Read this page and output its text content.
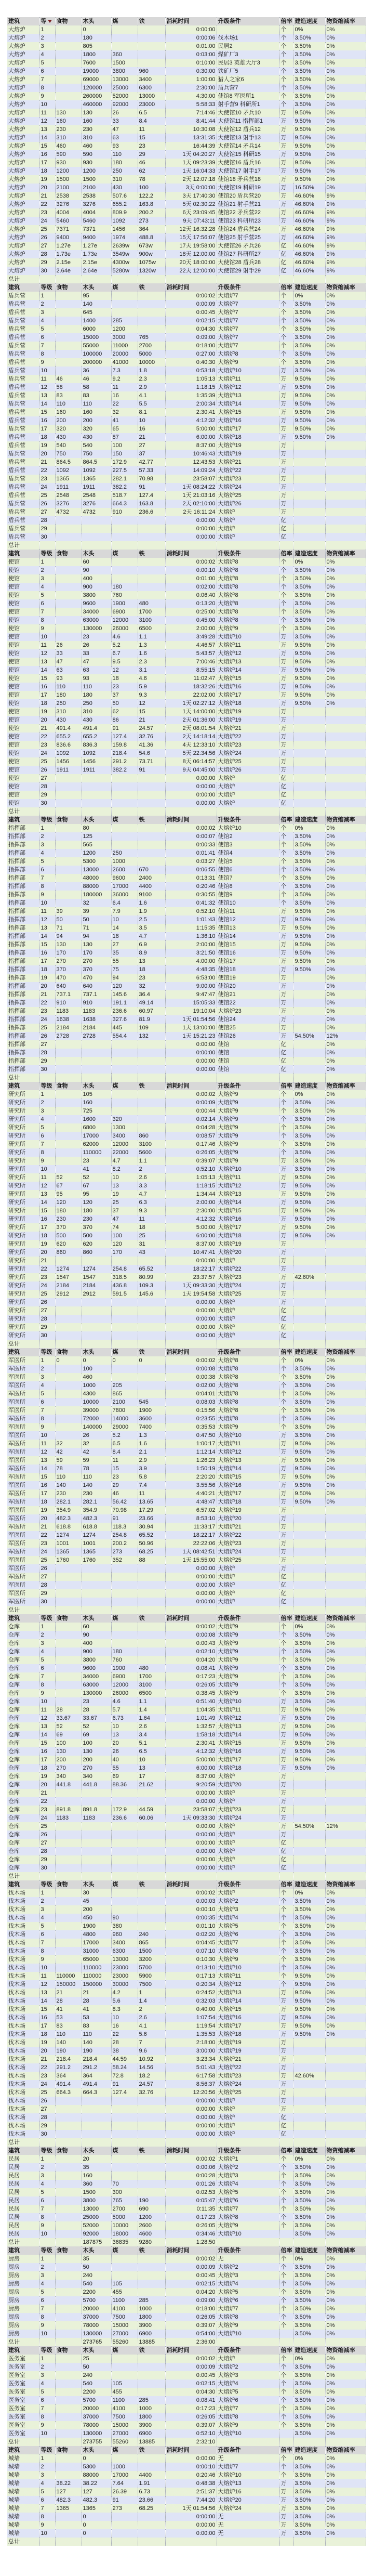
建筑	等	食物	木头	煤	铁	消耗时间	升级条件	倍率	建造速度	物资缩减率
大熔炉	1		0			0:00:00		个	0%	0%
大熔炉	2		180			0:00:06	伐木场1	个	3.50%	0%
大熔炉	3		805			0:01:00	民居2	个	3.50%	0%
大熔炉	4		1800	360		0:03:00	煤矿厂3	个	3.50%	0%
大熔炉	5		7600	1500		0:10:00	民居3 英雄大厅3	个	3.50%	0%
大熔炉	6		19000	3800	960	0:30:00	铁矿厂5	个	3.50%	0%
大熔炉	7		69000	13000	3400	1:00:00	猎人之家6	个	3.50%	0%
大熔炉	8		120000	25000	6300	2:30:00	盾兵营7	个	3.50%	0%
大熔炉	9		260000	52000	13000	4:30:00	使馆8 军医所1	个	3.50%	0%
大熔炉	10		460000	92000	23000	5:58:33	射手营9 科研所1	个	3.50%	0%
大熔炉	11	130	130	26	6.5	7:14:46	大使馆10 矛兵10	万	9.50%	0%
大熔炉	12	160	160	33	8.4	8:41:44	大使馆11 指挥部1	万	9.50%	0%
大熔炉	13	230	230	47	11	10:30:08	大使馆12 盾兵12	万	9.50%	0%
大熔炉	14	310	310	63	15	13:31:35	大使馆13 射手13	万	9.50%	0%
大熔炉	15	460	460	93	23	16:44:39	大使馆14 矛兵14	万	9.50%	0%
大熔炉	16	590	590	110	29	1天 04:20:27	大使馆15 科研15	万	9.50%	0%
大熔炉	17	930	930	180	46	1天 09:23:39	大使馆16 盾兵16	万	9.50%	0%
大熔炉	18	1200	1200	250	62	1天 16:04:33	大使馆17 射手17	万	9.50%	0%
大熔炉	19	1500	1500	310	78	2天 12:07:18	使馆18 矛兵营18	万	9.50%	0%
大熔炉	20	2100	2100	430	100	3天 0:00:00	大使馆19 科研19	万	16.50%	0%
大熔炉	21	2538	2538	507.6	122.2	3天 17:40:30	使馆20 盾兵营20	万	46.60%	9%
大熔炉	22	3276	3276	655.2	163.8	5天 02:30:22	使馆21 射手营21	万	46.60%	9%
大熔炉	23	4004	4004	809.9	200.2	6天 23:09:45	使馆22 矛兵营22	万	46.60%	9%
大熔炉	24	5460	5460	1092	273	9天 07:43:11	使馆23 科研所23	万	46.60%	9%
大熔炉	25	7371	7371	1456	364	12天 16:32:28	使馆24 盾兵营24	万	46.60%	9%
大熔炉	26	9400	9400	1974	488.8	15天 17:56:07	使馆25 射手营25	万	46.60%	9%
大熔炉	27	1.27e	1.27e	2639w	673w	17天 19:58:00	大使馆26 矛兵26	亿	46.60%	9%
大熔炉	28	1.73e	1.73e	3549w	900w	18天 12:00:00	使馆27 科研所27	亿	46.60%	9%
大熔炉	29	2.15e	2.15e	4300w	1075w	20天 18:00:00	大使馆28 盾兵28	亿	46.60%	9%
大熔炉	30	2.64e	2.64e	5280w	1320w	22天 12:00:00	大使馆29 射手29	亿	46.60%	9%
总计										
建筑	等级	食物	木头	煤	铁	消耗时间	升级条件	倍率	建造速度	物资缩减率
盾兵营	1		95			0:00:02	大熔炉7	个	0%	0%
盾兵营	2		140			0:00:09	大熔炉7	个	3.50%	0%
盾兵营	3		645			0:00:45	大熔炉7	个	3.50%	0%
盾兵营	4		1400	285		0:02:15	大熔炉7	个	3.50%	0%
盾兵营	5		6000	1200		0:04:30	大熔炉7	个	3.50%	0%
盾兵营	6		15000	3000	765	0:09:00	大熔炉7	个	3.50%	0%
盾兵营	7		55000	11000	2700	0:18:00	大熔炉7	个	3.50%	0%
盾兵营	8		100000	20000	5000	0:27:00	大熔炉8	个	3.50%	0%
盾兵营	9		200000	41000	10000	0:40:30	大熔炉9	个	3.50%	0%
盾兵营	10		36	7.3	1.8	0:53:18	大熔炉10	万	3.50%	0%
盾兵营	11	46	46	9.2	2.3	1:05:13	大熔炉11	万	9.50%	0%
盾兵营	12	58	58	11	2.9	1:18:15	大熔炉12	万	9.50%	0%
盾兵营	13	83	83	16	4.1	1:35:39	大熔炉13	万	9.50%	0%
盾兵营	14	110	110	22	5.5	2:00:34	大熔炉14	万	9.50%	0%
盾兵营	15	160	160	32	8.1	2:30:41	大熔炉15	万	9.50%	0%
盾兵营	16	200	200	41	10	4:12:32	大熔炉16	万	9.50%	0%
盾兵营	17	320	320	65	16	5:00:00	大熔炉17	万	9.50%	0%
盾兵营	18	430	430	87	21	6:00:00	大熔炉18	万	9.50%	0%
盾兵营	19	540	540	100	27	8:37:00	大熔炉19	万		
盾兵营	20	750	750	150	37	10:46:43	大熔炉19	万		
盾兵营	21	864.5	864.5	172.9	42.77	12:43:53	大熔炉21	万		
盾兵营	22	1092	1092	227.5	57.33	14:09:24	大熔炉22	万		
盾兵营	23	1365	1365	282.1	70.98	23:58:07	大熔炉23	万		
盾兵营	24	1911	1911	382.2	91	1天 08:24:22	大熔炉24	万		
盾兵营	25	2548	2548	518.7	127.4	1天 21:03:16	大熔炉25	万		
盾兵营	26	3276	3276	664.3	163.8	2天 02:10:00	大熔炉26	万		
盾兵营	27	4732	4732	910	236.6	2天 16:11:24	大熔炉	万		
盾兵营	28					0:00:00	大熔炉	亿		
盾兵营	29					0:00:00	大熔炉	亿		
盾兵营	30					0:00:00	大熔炉	亿		
总计										
建筑	等级	食物	木头	煤	铁	消耗时间	升级条件	倍率	建造速度	物资缩减率
使馆	1		60			0:00:02	大熔炉8	个	0%	0%
使馆	2		90			0:00:10	大熔炉8	个	3.50%	0%
使馆	3		400			0:01:00	大熔炉8	个	3.50%	0%
使馆	4		900	180		0:02:00	大熔炉8	个	3.50%	0%
使馆	5		3800	760		0:06:40	大熔炉8	个	3.50%	0%
使馆	6		9600	1900	480	0:13:20	大熔炉8	个	3.50%	0%
使馆	7		34000	6900	1700	0:25:00	大熔炉8	个	3.50%	0%
使馆	8		63000	12000	3100	0:45:00	大熔炉8	个	3.50%	0%
使馆	9		130000	26000	6500	2:00:00	大熔炉9	个	3.50%	0%
使馆	10		23	4.6	1.1	3:49:28	大熔炉10	万	3.50%	0%
使馆	11	26	26	5.2	1.3	4:46:57	大熔炉11	万	9.50%	0%
使馆	12	33	33	6.7	1.6	5:43:57	大熔炉12	万	9.50%	0%
使馆	13	47	47	9.5	2.3	7:00:46	大熔炉13	万	9.50%	0%
使馆	14	63	63	12	3.1	8:55:15	大熔炉14	万	9.50%	0%
使馆	15	93	93	18	4.6	11:02:47	大熔炉15	万	9.50%	0%
使馆	16	110	110	23	5.9	18:32:26	大熔炉16	万	9.50%	0%
使馆	17	180	180	37	9.3	22:02:00	大熔炉17	万	9.50%	0%
使馆	18	250	250	50	12	1天 02:27:12	大熔炉18	万	9.50%	0%
使馆	19	310	310	62	15	1天 14:00:00	大熔炉19	万		
使馆	20	430	430	86	21	2天 01:36:00	大熔炉19	万		
使馆	21	491.4	491.4	91	24.57	2天 08:01:54	大熔炉21	万		
使馆	22	655.2	655.2	127.4	32.76	2天 14:18:14	大熔炉22	万		
使馆	23	836.6	836.3	159.8	41.36	4天 12:33:10	大熔炉23	万		
使馆	24	1092	1092	218.4	54.6	5天 22:34:56	大熔炉24	万		
使馆	25	1456	1456	291.2	73.71	8天 06:14:57	大熔炉25	万		
使馆	26	1911	1911	382.2	91	9天 04:45:00	大熔炉26	万		
使馆	27					0:00:00	大熔炉	亿		
使馆	28					0:00:00	大熔炉	亿		
使馆	29					0:00:00	大熔炉	亿		
使馆	30					0:00:00	大熔炉	亿		
总计										
建筑	等级	食物	木头	煤	铁	消耗时间	升级条件	倍率	建造速度	物资缩减率
指挥部	1		80			0:00:02	大熔炉10	个	0%	0%
指挥部	2		125			0:00:07	使馆2	个	3.50%	0%
指挥部	3		565			0:00:33	使馆3	个	3.50%	0%
指挥部	4		1200	250		0:01:41	使馆4	个	3.50%	0%
指挥部	5		5300	1000		0:03:27	使馆5	个	3.50%	0%
指挥部	6		13000	2600	670	0:06:55	使馆6	个	3.50%	0%
指挥部	7		48000	9600	2400	0:13:31	使馆7	个	3.50%	0%
指挥部	8		88000	17000	4400	0:20:46	使馆8	个	3.50%	0%
指挥部	9		180000	36000	9100	0:30:55	使馆9	个	3.50%	0%
指挥部	10		32	6.4	1.6	0:41:32	使馆10	个	3.50%	0%
指挥部	11	39	39	7.9	1.9	0:52:10	使馆11	万	9.50%	0%
指挥部	12	50	50	10	2.5	1:01:43	使馆12	万	9.50%	0%
指挥部	13	71	71	14	3.5	1:15:35	使馆13	万	9.50%	0%
指挥部	14	94	94	18	4.7	1:36:10	使馆14	万	9.50%	0%
指挥部	15	130	130	27	6.9	2:00:00	使馆15	万	9.50%	0%
指挥部	16	170	170	35	8.9	3:21:50	使馆16	万	9.50%	0%
指挥部	17	270	270	55	13	4:00:00	使馆17	万	9.50%	0%
指挥部	18	370	370	75	18	4:48:35	使馆18	万	9.50%	0%
指挥部	19	470	470	94	23	6:53:00	使馆19	万		0%
指挥部	20	640	640	120	32	9:00:00	使馆20	万		0%
指挥部	21	737.1	737.1	145.6	36.4	9:47:47	使馆21	万		0%
指挥部	22	910	910	191.1	49.14	15:05:33	使馆22	万		0%
指挥部	23	1183	1183	236.6	60.97	19:10:04	大熔炉23	万		0%
指挥部	24	1638	1638	327.6	81.9	1天 01:54:56	使馆24	万		0%
指挥部	25	2184	2184	445	109	1天 13:00:00	使馆25	万		0%
指挥部	26	2728	2728	554.4	132	1天 15:21:23	使馆26	万	54.50%	12%
指挥部	27					0:00:00	使馆	亿		0%
指挥部	28					0:00:00	使馆	亿		0%
指挥部	29					0:00:00	使馆	亿		0%
指挥部	30					0:00:00	使馆	亿		0%
总计										
建筑	等级	食物	木头	煤	铁	消耗时间	升级条件	倍率	建造速度	物资缩减率
研究所	1		105			0:00:02	大熔炉9	个	0%	0%
研究所	2		160			0:00:09	大熔炉9	个	3.50%	0%
研究所	3		725			0:00:44	大熔炉9	个	3.50%	0%
研究所	4		1600	320		0:02:14	大熔炉9	个	3.50%	0%
研究所	5		6800	1300		0:04:28	大熔炉9	个	3.50%	0%
研究所	6		17000	3400	860	0:08:57	大熔炉9	个	3.50%	0%
研究所	7		62000	12000	3100	0:17:46	大熔炉9	个	3.50%	0%
研究所	8		110000	22000	5600	0:26:05	大熔炉9	个	3.50%	0%
研究所	9		23	4.7	1.1	0:39:07	大熔炉9	万	3.50%	0%
研究所	10		41	8.2	2	0:52:10	大熔炉10	万	3.50%	0%
研究所	11	52	52	10	2.6	1:05:13	大熔炉11	万	9.50%	0%
研究所	12	67	67	13	3.3	1:18:15	大熔炉12	万	9.50%	0%
研究所	13	95	95	19	4.7	1:34:44	大熔炉13	万	9.50%	0%
研究所	14	120	120	25	6.3	2:00:00	大熔炉14	万	9.50%	0%
研究所	15	180	180	37	9.3	2:30:00	大熔炉15	万	9.50%	0%
研究所	16	230	230	47	11	4:12:32	大熔炉16	万	9.50%	0%
研究所	17	370	370	74	18	5:00:00	大熔炉17	万	9.50%	0%
研究所	18	500	500	100	25	6:00:00	大熔炉18	万	9.50%	0%
研究所	19	620	620	120	31	8:37:00	大熔炉19	万		
研究所	20	860	860	170	43	10:47:41	大熔炉20	万		
研究所	21					0:00:00	大熔炉	万		
研究所	22	1274	1274	254.8	65.52	18:22:17	大熔炉22	万		
研究所	23	1547	1547	318.5	80.99	23:37:57	大熔炉23	万	42.60%	
研究所	24	2184	2184	436.8	109.3	1天 09:33:30	大熔炉24	万		
研究所	25	2912	2912	591.5	145.6	1天 19:54:58	大熔炉25	万		
研究所	26					0:00:00	大熔炉	万		
研究所	27					0:00:00	大熔炉	亿		
研究所	28					0:00:00	大熔炉	亿		
研究所	29					0:00:00	大熔炉	亿		
研究所	30					0:00:00	大熔炉	亿		
总计										
建筑	等级	食物	木头	煤	铁	消耗时间	升级条件	倍率	建造速度	物资缩减率
军医所	1	0	0	0	0	0:00:02	大熔炉8	个	0%	0%
军医所	2		100			0:00:08	大熔炉8	个	3.50%	0%
军医所	3		460			0:00:38	大熔炉8	个	3.50%	0%
军医所	4		1000	205		0:02:00	大熔炉8	个	3.50%	0%
军医所	5		4300	865		0:04:01	大熔炉8	个	3.50%	0%
军医所	6		10000	2100	545	0:08:03	大熔炉8	个	3.50%	0%
军医所	7		39000	7800	1900	0:15:56	大熔炉8	个	3.50%	0%
军医所	8		72000	14000	3600	0:23:55	大熔炉8	个	3.50%	0%
军医所	9		140000	29000	7400	0:35:53	大熔炉9	个	3.50%	0%
军医所	10		26	5.2	1.3	0:47:50	大熔炉10	万	3.50%	0%
军医所	11	32	32	6.5	1.6	1:00:17	大熔炉11	万	9.50%	0%
军医所	12	42	42	8.4	2.1	1:12:14	大熔炉12	万	9.50%	0%
军医所	13	59	59	11	2.9	1:26:23	大熔炉13	万	9.50%	0%
军医所	14	78	78	15	3.9	1:50:19	大熔炉14	万	9.50%	0%
军医所	15	110	110	23	5.8	2:20:20	大熔炉15	万	9.50%	0%
军医所	16	140	140	29	7.4	3:55:56	大熔炉16	万	9.50%	0%
军医所	17	230	230	46	11	4:40:21	大熔炉17	万	9.50%	0%
军医所	18	282.1	282.1	56.42	13.65	4:48:47	大熔炉18	万	9.50%	0%
军医所	19	354.9	354.9	70.98	17.29	6:57:02	大熔炉19	万		
军医所	20	482.3	482.3	91	23.66	8:53:10	大熔炉20	万		
军医所	21	618.8	618.8	118.3	30.94	11:33:17	大熔炉21	万		
军医所	22	1274	1274	254.8	65.52	18:22:17	大熔炉22	万		
军医所	23	1001	1001	200.2	50.96	22:22:06	大熔炉23	万		
军医所	24	1365	1365	273	68.25	1天 08:42:51	大熔炉24	万		
军医所	25	1760	1760	352	88	1天 15:55:00	大熔炉25	万		
军医所	26					0:00:00	大熔炉	万		
军医所	27					0:00:00	大熔炉	亿		
军医所	28					0:00:00	大熔炉	亿		
军医所	29					0:00:00	大熔炉	亿		
军医所	30					0:00:00	大熔炉	亿		
总计										
建筑	等级	食物	木头	煤	铁	消耗时间	升级条件	倍率	建造速度	物资缩减率
仓库	1		60			0:00:02	大熔炉9	个	0%	0%
仓库	2		90			0:00:08	大熔炉9	个	3.50%	0%
仓库	3		400			0:00:43	大熔炉9	个	3.50%	0%
仓库	4		900	180		0:02:10	大熔炉9	个	3.50%	0%
仓库	5		3800	760		0:04:20	大熔炉9	个	3.50%	0%
仓库	6		9600	1900	480	0:08:41	大熔炉9	个	3.50%	0%
仓库	7		34000	6900	1700	0:17:23	大熔炉9	个	3.50%	0%
仓库	8		63000	12000	3100	0:26:05	大熔炉9	个	3.50%	0%
仓库	9		130000	26000	6500	0:38:45	大熔炉9	个	3.50%	0%
仓库	10		23	4.6	1.1	0:51:40	大熔炉10	万	3.50%	0%
仓库	11	28	28	5.7	1.4	1:04:35	大熔炉11	万	9.50%	0%
仓库	12	33.67	33.67	6.73	1.64	1:01:49	大熔炉12	万	9.50%	0%
仓库	13	52	52	10	2.6	1:32:57	大熔炉13	万	9.50%	0%
仓库	14	69	69	13	3.4	1:58:18	大熔炉14	万	9.50%	0%
仓库	15	100	100	20	5.1	2:30:41	大熔炉15	万	9.50%	0%
仓库	16	130	130	26	6.5	4:12:32	大熔炉16	万	9.50%	0%
仓库	17	200	200	40	10	5:00:00	大熔炉17	万	9.50%	0%
仓库	18	270	270	55	13	6:00:00	大熔炉18	万	9.50%	0%
仓库	19	340	340	69	17	8:37:00	大熔炉	万		
仓库	20	441.8	441.8	88.36	21.62	9:20:59	大熔炉20	万		
仓库	21					0:00:00	大熔炉	万		
仓库	22					0:00:00	大熔炉	万		
仓库	23	891.8	891.8	172.9	44.59	23:58:07	大熔炉23	万		
仓库	24	1183	1183	236.6	60.06	1天 09:33:30	大熔炉24	万		
仓库	25					0:00:00	大熔炉	万	54.50%	12%
仓库	26					0:00:00	大熔炉	万		
仓库	27					0:00:00	大熔炉	亿		
仓库	28					0:00:00	大熔炉	亿		
仓库	29					0:00:00	大熔炉	亿		
仓库	30					0:00:00	大熔炉	亿		
总计										
建筑	等级	食物	木头	煤	铁	消耗时间	升级条件	倍率	建造速度	物资缩减率
伐木场	1		30			0:00:02	大熔炉	个	0%	0%
伐木场	2		45			0:00:03	大熔炉2	个	3.50%	0%
伐木场	3		200			0:00:10	大熔炉3	个	3.50%	0%
伐木场	4		450	90		0:00:35	大熔炉4	个	3.50%	0%
伐木场	5		1900	380		0:01:10	大熔炉5	个	3.50%	0%
伐木场	6		4800	960	240	0:02:20	大熔炉6	个	3.50%	0%
伐木场	7		17000	3400	865	0:04:45	大熔炉7	个	3.50%	0%
伐木场	8		31000	6300	1500	0:07:10	大熔炉8	个	3.50%	0%
伐木场	9		65000	13000	3200	0:10:30	大熔炉9	个	3.50%	0%
伐木场	10		110000	23000	5700	0:13:10	大熔炉10	个	3.50%	0%
伐木场	11	110000	110000	23000	5900	0:17:13	大熔炉11	个	9.50%	0%
伐木场	12	150000	150000	30000	7500	0:20:34	大熔炉12	个	9.50%	0%
伐木场	13	21	21	4.2	1	0:24:52	大熔炉13	万	9.50%	0%
伐木场	14	28	28	5.6	1.4	0:32:03	大熔炉14	万	9.50%	0%
伐木场	15	41	41	8.3	2	0:40:00	大熔炉15	万	9.50%	0%
伐木场	16	53	53	10	2.6	1:07:54	大熔炉16	万	9.50%	0%
伐木场	17	83	83	16	4.1	1:19:54	大熔炉17	万	9.50%	0%
伐木场	18	110	110	22	5.6	1:35:53	大熔炉18	万	9.50%	0%
伐木场	19	140	140	28	7	2:18:00	大熔炉19	万		
伐木场	20	190	190	38	9.6	3:00:00	大熔炉19	万		
伐木场	21	218.4	218.4	44.59	10.92	3:23:34	大熔炉21	万		
伐木场	22	291.2	291.2	58.24	14.56	5:01:43	大熔炉22	万		
伐木场	23	364	364	72.8	18.2	6:17:58	大熔炉23	万	42.60%	
伐木场	24	491.4	491.4	91	24.57	8:56:37	大熔炉24	万		
伐木场	25	664.3	664.3	127.4	32.76	12:20:56	大熔炉25	万		
伐木场	26					0:00:00	大熔炉	万		
伐木场	27					0:00:00	大熔炉	万		
伐木场	28					0:00:00	大熔炉	亿		
伐木场	29					0:00:00	大熔炉	亿		
伐木场	30					0:00:00	大熔炉	亿		
总计										
建筑	等级	食物	木头	煤	铁	消耗时间	升级条件	倍率	建造速度	物资缩减率
民居	1		20			0:00:02	大熔炉1	个	0%	0%
民居	2		35			0:00:06	大熔炉2	个	3.50%	0%
民居	3		160			0:00:28	大熔炉3	个	3.50%	0%
民居	4		360	70		0:01:26	大熔炉4	个	3.50%	0%
民居	5		1500	300		0:02:53	大熔炉5	个	3.50%	0%
民居	6		3800	765	190	0:05:47	大熔炉6	个	3.50%	0%
民居	7		13000	2700	690	0:11:35	大熔炉7	个	3.50%	0%
民居	8		25000	5000	1200	0:17:23	大熔炉8	个	3.50%	0%
民居	9		52000	10000	2600	0:26:05	大熔炉9	个	3.50%	0%
民居	10		92000	18000	4600	0:34:46	大熔炉10		3.50%	0%
总计			187875	36835	9280	1:28:50				
建筑	等级	食物	木头	煤	铁	消耗时间	升级条件	倍率	建造速度	物资缩减率
厨房	1		35			0:00:02	无	个	0%	0%
厨房	2		50			0:00:09	大熔炉2	个	3.50%	0%
厨房	3		240			0:00:45	大熔炉3	个	3.50%	0%
厨房	4		540	105		0:02:15	大熔炉4	个	3.50%	0%
厨房	5		2200	455		0:04:20	大熔炉5	个	3.50%	0%
厨房	6		5700	1100	285	0:09:00	大熔炉6	个	3.50%	0%
厨房	7		20000	4100	1000	0:18:00	大熔炉7	个	3.50%	0%
厨房	8		37000	7500	1800	0:26:05	大熔炉8	个	3.50%	0%
厨房	9		78000	15000	3900	0:39:07	大熔炉9	个	3.50%	0%
厨房	10		130000	27000	6900	0:54:00	大熔炉10		3.50%	0%
总计			273765	55260	13885	2:36:00				
建筑	等级	食物	木头	煤	铁	消耗时间	升级条件	倍率	建造速度	物资缩减率
医务室	1		25			0:00:02	大熔炉	个	0%	0%
医务室	2		50			0:00:09	大熔炉2	个	3.50%	0%
医务室	3		240			0:00:45	大熔炉3	个	3.50%	0%
医务室	4		540	105		0:02:15	大熔炉4	个	3.50%	0%
医务室	5		2200	455		0:04:30	大熔炉5	个	3.50%	0%
医务室	6		5700	1100	285	0:08:41	大熔炉6	个	3.50%	0%
医务室	7		20000	4100	1000	0:17:23	大熔炉7	个	3.50%	0%
医务室	8		37000	7500	1800	0:26:05	大熔炉8	个	3.50%	0%
医务室	9		78000	15000	3900	0:39:07	大熔炉9	个	3.50%	0%
医务室	10		130000	27000	6900	0:52:10	大熔炉10		3.50%	0%
总计			273755	55260	13885	2:32:10				
建筑	等级	食物	木头	煤	铁	消耗时间	升级条件	倍率	建造速度	物资缩减率
城墙	1		0			0:00:00	无	个	0%	0%
城墙	2		5300	1000		0:00:10	大熔炉7	个	3.50%	0%
城墙	3		88000	17000	4400	0:20:46	大熔炉10	个	3.50%	0%
城墙	4	38.22	38.22	7.64	1.91	0:48:38	大熔炉13	万	3.50%	0%
城墙	5	127	127	26.39	6.73	2:51:37	大熔炉16	万	3.50%	0%
城墙	6	482.3	482.3	91	23.66	7:44:20	大熔炉20	万	3.50%	0%
城墙	7	1365	1365	273	68.25	1天 01:54:56	大熔炉24	万	3.50%	0%
城墙	8		0			0:00:00	无	万	3.50%	0%
城墙	9		0			0:00:00	无	万	3.50%	0%
城墙	10		0			0:00:00	无	万	3.50%	0%
总计										
